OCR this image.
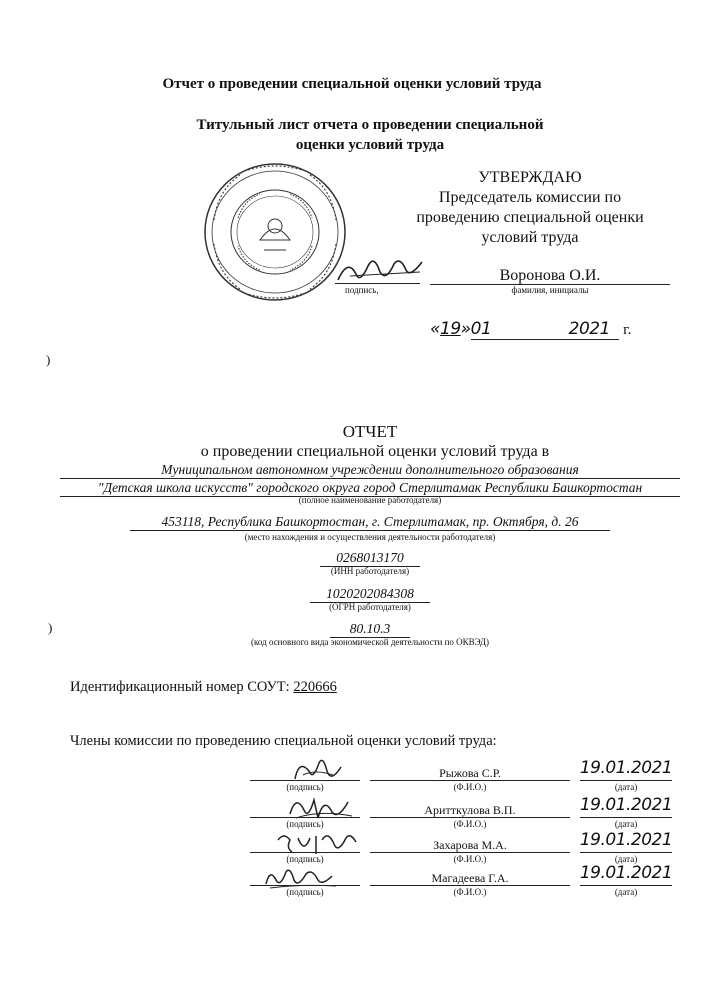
Отчет о проведении специальной оценки условий труда
Титульный лист отчета о проведении специальной
оценки условий труда
УТВЕРЖДАЮ
Председатель комиссии по
проведению специальной оценки
условий труда
подпись,
Воронова О.И.
фамилия, инициалы
«19»01	2021 г.
)
)
ОТЧЕТ
о проведении специальной оценки условий труда в
Муниципальном автономном учреждении дополнительного образования
"Детская школа искусств" городского округа город Стерлитамак Республики Башкортостан
(полное наименование работодателя)
453118, Республика Башкортостан, г. Стерлитамак, пр. Октября, д. 26
(место нахождения и осуществления деятельности работодателя)
0268013170
(ИНН работодателя)
1020202084308
(ОГРН работодателя)
80.10.3
(код основного вида экономической деятельности по ОКВЭД)
Идентификационный номер СОУТ: 220666
Члены комиссии по проведению специальной оценки условий труда:
(подпись)
Рыжова С.Р.
(Ф.И.О.)
19.01.2021
(дата)
(подпись)
Аритткулова В.П.
(Ф.И.О.)
19.01.2021
(дата)
(подпись)
Захарова М.А.
(Ф.И.О.)
19.01.2021
(дата)
(подпись)
Магадеева Г.А.
(Ф.И.О.)
19.01.2021
(дата)
